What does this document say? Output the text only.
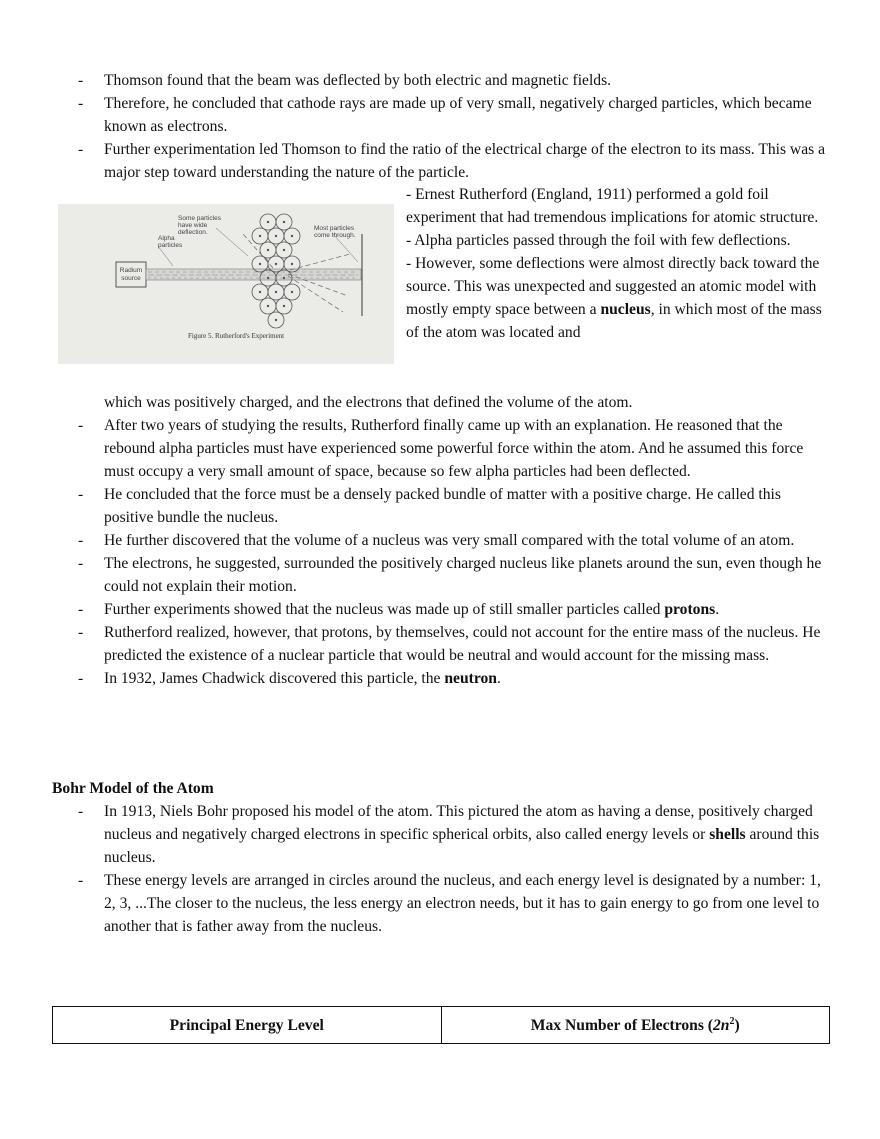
- Thomson found that the beam was deflected by both electric and magnetic fields.
- Therefore, he concluded that cathode rays are made up of very small, negatively charged particles, which became known as electrons.
- Further experimentation led Thomson to find the ratio of the electrical charge of the electron to its mass. This was a major step toward understanding the nature of the particle.
Radium
source
Some particles
have wide
deflection.
Alpha
particles
Most particles
come through.
Figure 5. Rutherford's Experiment

- Ernest Rutherford (England, 1911) performed a gold foil experiment that had tremendous implications for atomic structure.

- Alpha particles passed through the foil with few deflections.

- However, some deflections were almost directly back toward the source. This was unexpected and suggested an atomic model with mostly empty space between a nucleus, in which most of the mass of the atom was located and

which was positively charged, and the electrons that defined the volume of the atom.
- After two years of studying the results, Rutherford finally came up with an explanation. He reasoned that the rebound alpha particles must have experienced some powerful force within the atom. And he assumed this force must occupy a very small amount of space, because so few alpha particles had been deflected.
- He concluded that the force must be a densely packed bundle of matter with a positive charge. He called this positive bundle the nucleus.
- He further discovered that the volume of a nucleus was very small compared with the total volume of an atom.
- The electrons, he suggested, surrounded the positively charged nucleus like planets around the sun, even though he could not explain their motion.
- Further experiments showed that the nucleus was made up of still smaller particles called protons.
- Rutherford realized, however, that protons, by themselves, could not account for the entire mass of the nucleus. He predicted the existence of a nuclear particle that would be neutral and would account for the missing mass.
- In 1932, James Chadwick discovered this particle, the neutron.
Bohr Model of the Atom
- In 1913, Niels Bohr proposed his model of the atom. This pictured the atom as having a dense, positively charged nucleus and negatively charged electrons in specific spherical orbits, also called energy levels or shells around this nucleus.
- These energy levels are arranged in circles around the nucleus, and each energy level is designated by a number: 1, 2, 3, ...The closer to the nucleus, the less energy an electron needs, but it has to gain energy to go from one level to another that is father away from the nucleus.
Principal Energy Level	Max Number of Electrons $(2n^2)$
